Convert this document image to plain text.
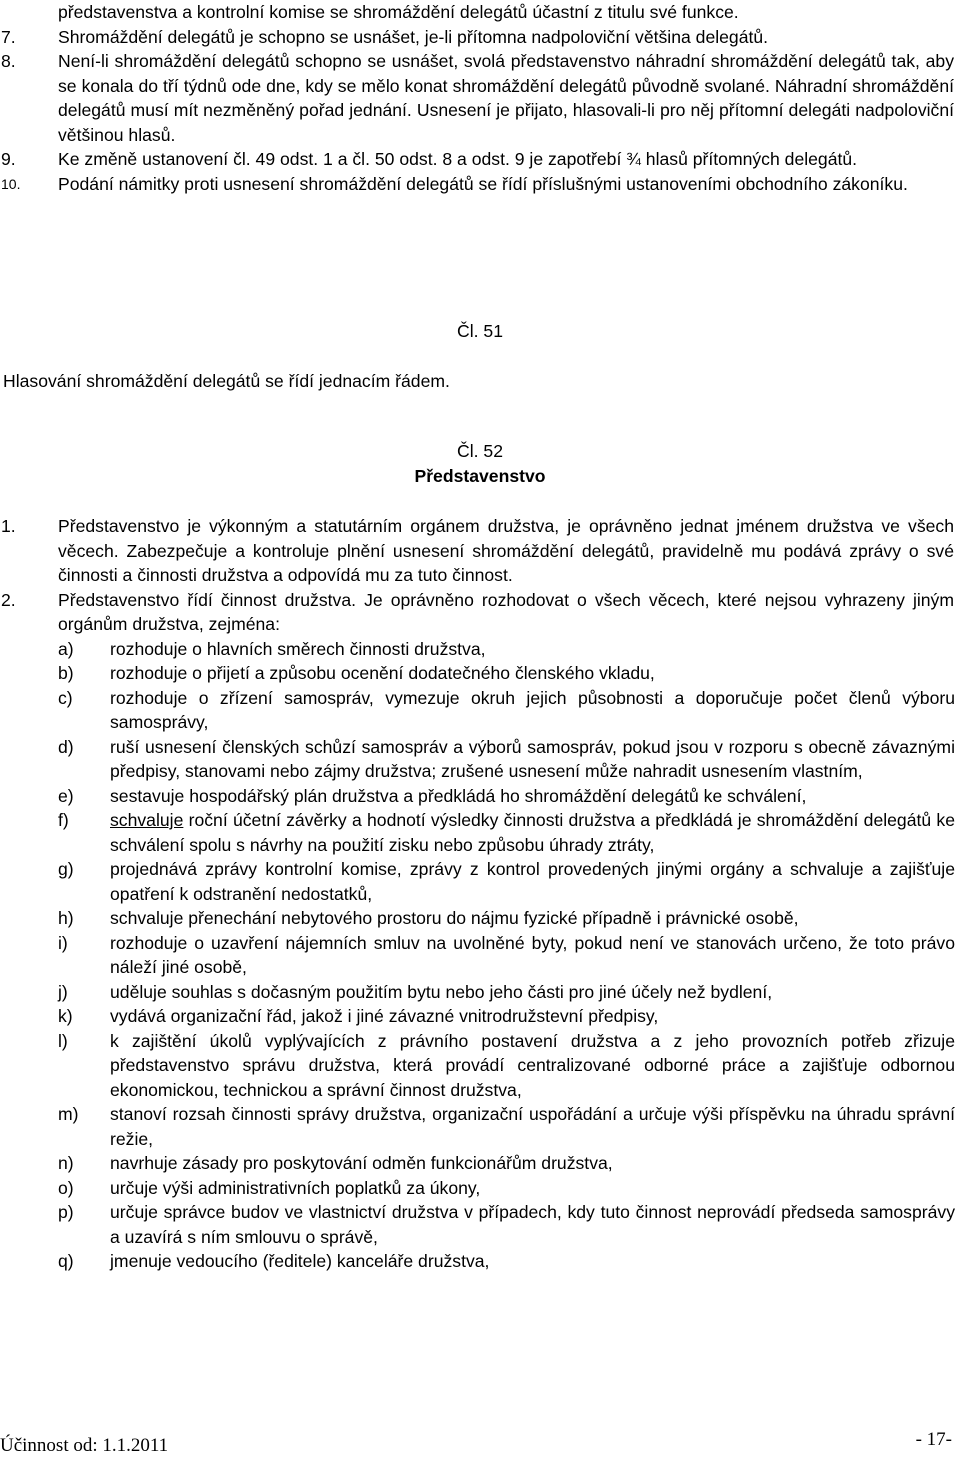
představenstva a kontrolní komise se shromáždění delegátů účastní z titulu své funkce.
7.	Shromáždění delegátů je schopno se usnášet, je-li přítomna nadpoloviční většina delegátů.
8.	Není-li shromáždění delegátů schopno se usnášet, svolá představenstvo náhradní shromáždění delegátů tak, aby se konala do tří týdnů ode dne, kdy se mělo konat shromáždění delegátů původně svolané. Náhradní shromáždění delegátů musí mít nezměněný pořad jednání. Usnesení je přijato, hlasovali-li pro něj přítomní delegáti nadpoloviční většinou hlasů.
9.	Ke změně ustanovení čl. 49 odst. 1 a čl. 50 odst. 8 a odst. 9 je zapotřebí ¾ hlasů přítomných delegátů.
10.	Podání námitky proti usnesení shromáždění delegátů se řídí příslušnými ustanoveními obchodního zákoníku.
Čl. 51
Hlasování shromáždění delegátů se řídí jednacím řádem.
Čl. 52
Představenstvo
1.	Představenstvo je výkonným a statutárním orgánem družstva, je oprávněno jednat jménem družstva ve všech věcech. Zabezpečuje a kontroluje plnění usnesení shromáždění delegátů, pravidelně mu podává zprávy o své činnosti a činnosti družstva a odpovídá mu za tuto činnost.
2.	Představenstvo řídí činnost družstva. Je oprávněno rozhodovat o všech věcech, které nejsou vyhrazeny jiným orgánům družstva, zejména:
a)	rozhoduje o hlavních směrech činnosti družstva,
b)	rozhoduje o přijetí a způsobu ocenění dodatečného členského vkladu,
c)	rozhoduje o zřízení samospráv, vymezuje okruh jejich působnosti a doporučuje počet členů výboru samosprávy,
d)	ruší usnesení členských schůzí samospráv a výborů samospráv, pokud jsou v rozporu s obecně závaznými předpisy, stanovami nebo zájmy družstva; zrušené usnesení může nahradit usnesením vlastním,
e)	sestavuje hospodářský plán družstva a předkládá ho shromáždění delegátů ke schválení,
f)	schvaluje roční účetní závěrky a hodnotí výsledky činnosti družstva a předkládá je shromáždění delegátů ke schválení spolu s návrhy na použití zisku nebo způsobu úhrady ztráty,
g)	projednává zprávy kontrolní komise, zprávy z kontrol provedených jinými orgány a schvaluje a zajišťuje opatření k odstranění nedostatků,
h)	schvaluje přenechání nebytového prostoru do nájmu fyzické případně i právnické osobě,
i)	rozhoduje o uzavření nájemních smluv na uvolněné byty, pokud není ve stanovách určeno, že toto právo náleží jiné osobě,
j)	uděluje souhlas s dočasným použitím bytu nebo jeho části pro jiné účely než bydlení,
k)	vydává organizační řád, jakož i jiné závazné vnitrodružstevní předpisy,
l)	k zajištění úkolů vyplývajících z právního postavení družstva a z jeho provozních potřeb zřizuje představenstvo správu družstva, která provádí centralizované odborné práce a zajišťuje odbornou ekonomickou, technickou a správní činnost družstva,
m)	stanoví rozsah činnosti správy družstva, organizační uspořádání a určuje výši příspěvku na úhradu správní režie,
n)	navrhuje zásady pro poskytování odměn funkcionářům družstva,
o)	určuje výši administrativních poplatků za úkony,
p)	určuje správce budov ve vlastnictví družstva v případech, kdy tuto činnost neprovádí předseda samosprávy a uzavírá s ním smlouvu o správě,
q)	jmenuje vedoucího (ředitele) kanceláře družstva,
Účinnost od: 1.1.2011	- 17-
